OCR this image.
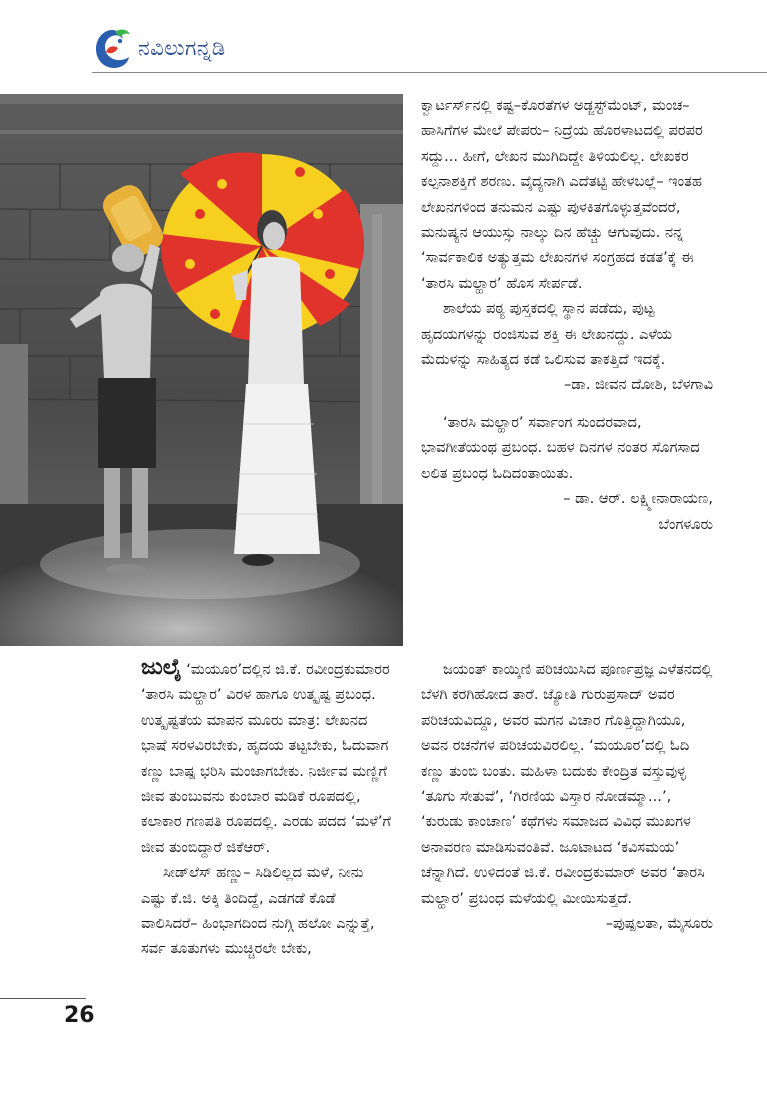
ನವಿಲುಗನ್ನಡಿ

ಕ್ವಾರ್ಟರ್ಸ್‌ನಲ್ಲಿ ಕಷ್ಟ–ಕೊರತೆಗಳ ಅಡ್ಜಸ್ಟ್‌ಮೆಂಟ್, ಮಂಚ–ಹಾಸಿಗೆಗಳ ಮೇಲೆ ಪೇಪರು– ನಿದ್ರೆಯ ಹೊರಳಾಟದಲ್ಲಿ ಪರಪರ ಸದ್ದು... ಹೀಗೆ, ಲೇಖನ ಮುಗಿದಿದ್ದೇ ತಿಳಿಯಲಿಲ್ಲ. ಲೇಖಕರ ಕಲ್ಪನಾಶಕ್ತಿಗೆ ಶರಣು. ವೈದ್ಯನಾಗಿ ಎದೆತಟ್ಟಿ ಹೇಳಬಲ್ಲೆ– ಇಂತಹ ಲೇಖನಗಳಿಂದ ತನುಮನ ಎಷ್ಟು ಪುಳಕಿತಗೊಳ್ಳುತ್ತವೆಂದರೆ, ಮನುಷ್ಯನ ಆಯುಸ್ಸು ನಾಲ್ಕು ದಿನ ಹೆಚ್ಚು ಆಗುವುದು. ನನ್ನ ‘ಸಾರ್ವಕಾಲಿಕ ಅತ್ಯುತ್ತಮ ಲೇಖನಗಳ ಸಂಗ್ರಹದ ಕಡತ’ಕ್ಕೆ ಈ ‘ತಾರಸಿ ಮಲ್ಹಾರ’ ಹೊಸ ಸೇರ್ಪಡೆ.

ಶಾಲೆಯ ಪಠ್ಯ ಪುಸ್ತಕದಲ್ಲಿ ಸ್ಥಾನ ಪಡೆದು, ಪುಟ್ಟ ಹೃದಯಗಳನ್ನು ರಂಜಿಸುವ ಶಕ್ತಿ ಈ ಲೇಖನದ್ದು. ಎಳೆಯ ಮೆದುಳನ್ನು ಸಾಹಿತ್ಯದ ಕಡೆ ಒಲಿಸುವ ತಾಕತ್ತಿದೆ ಇದಕ್ಕೆ.

–ಡಾ. ಜೀವನ ದೋಶಿ, ಬೆಳಗಾವಿ

‘ತಾರಸಿ ಮಲ್ಹಾರ’ ಸರ್ವಾಂಗ ಸುಂದರವಾದ, ಭಾವಗೀತೆಯಂಥ ಪ್ರಬಂಧ. ಬಹಳ ದಿನಗಳ ನಂತರ ಸೊಗಸಾದ ಲಲಿತ ಪ್ರಬಂಧ ಓದಿದಂತಾಯಿತು.

– ಡಾ. ಆರ್. ಲಕ್ಷ್ಮೀನಾರಾಯಣ,

ಬೆಂಗಳೂರು

ಜುಲೈ ‘ಮಯೂರ’ದಲ್ಲಿನ ಜಿ.ಕೆ. ರವೀಂದ್ರಕುಮಾರರ ‘ತಾರಸಿ ಮಲ್ಹಾರ’ ವಿರಳ ಹಾಗೂ ಉತ್ಕೃಷ್ಟ ಪ್ರಬಂಧ. ಉತ್ಕೃಷ್ಟತೆಯ ಮಾಪನ ಮೂರು ಮಾತ್ರ: ಲೇಖನದ ಭಾಷೆ ಸರಳವಿರಬೇಕು, ಹೃದಯ ತಟ್ಟಬೇಕು, ಓದುವಾಗ ಕಣ್ಣು ಬಾಷ್ಪ ಭರಿಸಿ ಮಂಜಾಗಬೇಕು. ನಿರ್ಜೀವ ಮಣ್ಣಿಗೆ ಜೀವ ತುಂಬುವನು ಕುಂಬಾರ ಮಡಿಕೆ ರೂಪದಲ್ಲಿ, ಕಲಾಕಾರ ಗಣಪತಿ ರೂಪದಲ್ಲಿ. ಎರಡು ಪದದ ‘ಮಳೆ’ಗೆ ಜೀವ ತುಂಬಿದ್ದಾರೆ ಜಿಕೆಆರ್.

ಸೀಡ್‌ಲೆಸ್ ಹಣ್ಣು– ಸಿಡಿಲಿಲ್ಲದ ಮಳೆ, ನೀನು ಎಷ್ಟು ಕೆ.ಜಿ. ಅಕ್ಕಿ ತಿಂದಿದ್ದೆ, ಎಡಗಡೆ ಕೊಡೆ ವಾಲಿಸಿದರೆ– ಹಿಂಭಾಗದಿಂದ ನುಗ್ಗಿ ಹಲೋ ಎನ್ನುತ್ತೆ, ಸರ್ವ ತೂತುಗಳು ಮುಚ್ಚಿರಲೇ ಬೇಕು,

ಜಯಂತ್ ಕಾಯ್ಕಿಣಿ ಪರಿಚಯಿಸಿದ ಪೂರ್ಣಪ್ರಜ್ಞ ಎಳೆತನದಲ್ಲಿ ಬೆಳಗಿ ಕರಗಿಹೋದ ತಾರೆ. ಜ್ಯೋತಿ ಗುರುಪ್ರಸಾದ್ ಅವರ ಪರಿಚಯವಿದ್ದೂ, ಅವರ ಮಗನ ವಿಚಾರ ಗೊತ್ತಿದ್ದಾಗಿಯೂ, ಅವನ ರಚನೆಗಳ ಪರಿಚಯವಿರಲಿಲ್ಲ. ‘ಮಯೂರ’ದಲ್ಲಿ ಓದಿ ಕಣ್ಣು ತುಂಬಿ ಬಂತು. ಮಹಿಳಾ ಬದುಕು ಕೇಂದ್ರಿತ ವಸ್ತುವುಳ್ಳ ‘ತೂಗು ಸೇತುವೆ’, ‘ಗಿರಣಿಯ ವಿಸ್ತಾರ ನೋಡಮ್ಮಾ...’, ‘ಕುರುಡು ಕಾಂಚಾಣ’ ಕಥೆಗಳು ಸಮಾಜದ ವಿವಿಧ ಮುಖಗಳ ಅನಾವರಣ ಮಾಡಿಸುವಂತಿವೆ. ಜೂಟಾಟದ ‘ಕವಿಸಮಯ’ ಚೆನ್ನಾಗಿದೆ. ಉಳಿದಂತೆ ಜಿ.ಕೆ. ರವೀಂದ್ರಕುಮಾರ್ ಅವರ ‘ತಾರಸಿ ಮಲ್ಹಾರ’ ಪ್ರಬಂಧ ಮಳೆಯಲ್ಲಿ ಮೀಯಿಸುತ್ತದೆ.

–ಪುಷ್ಪಲತಾ, ಮೈಸೂರು

26
